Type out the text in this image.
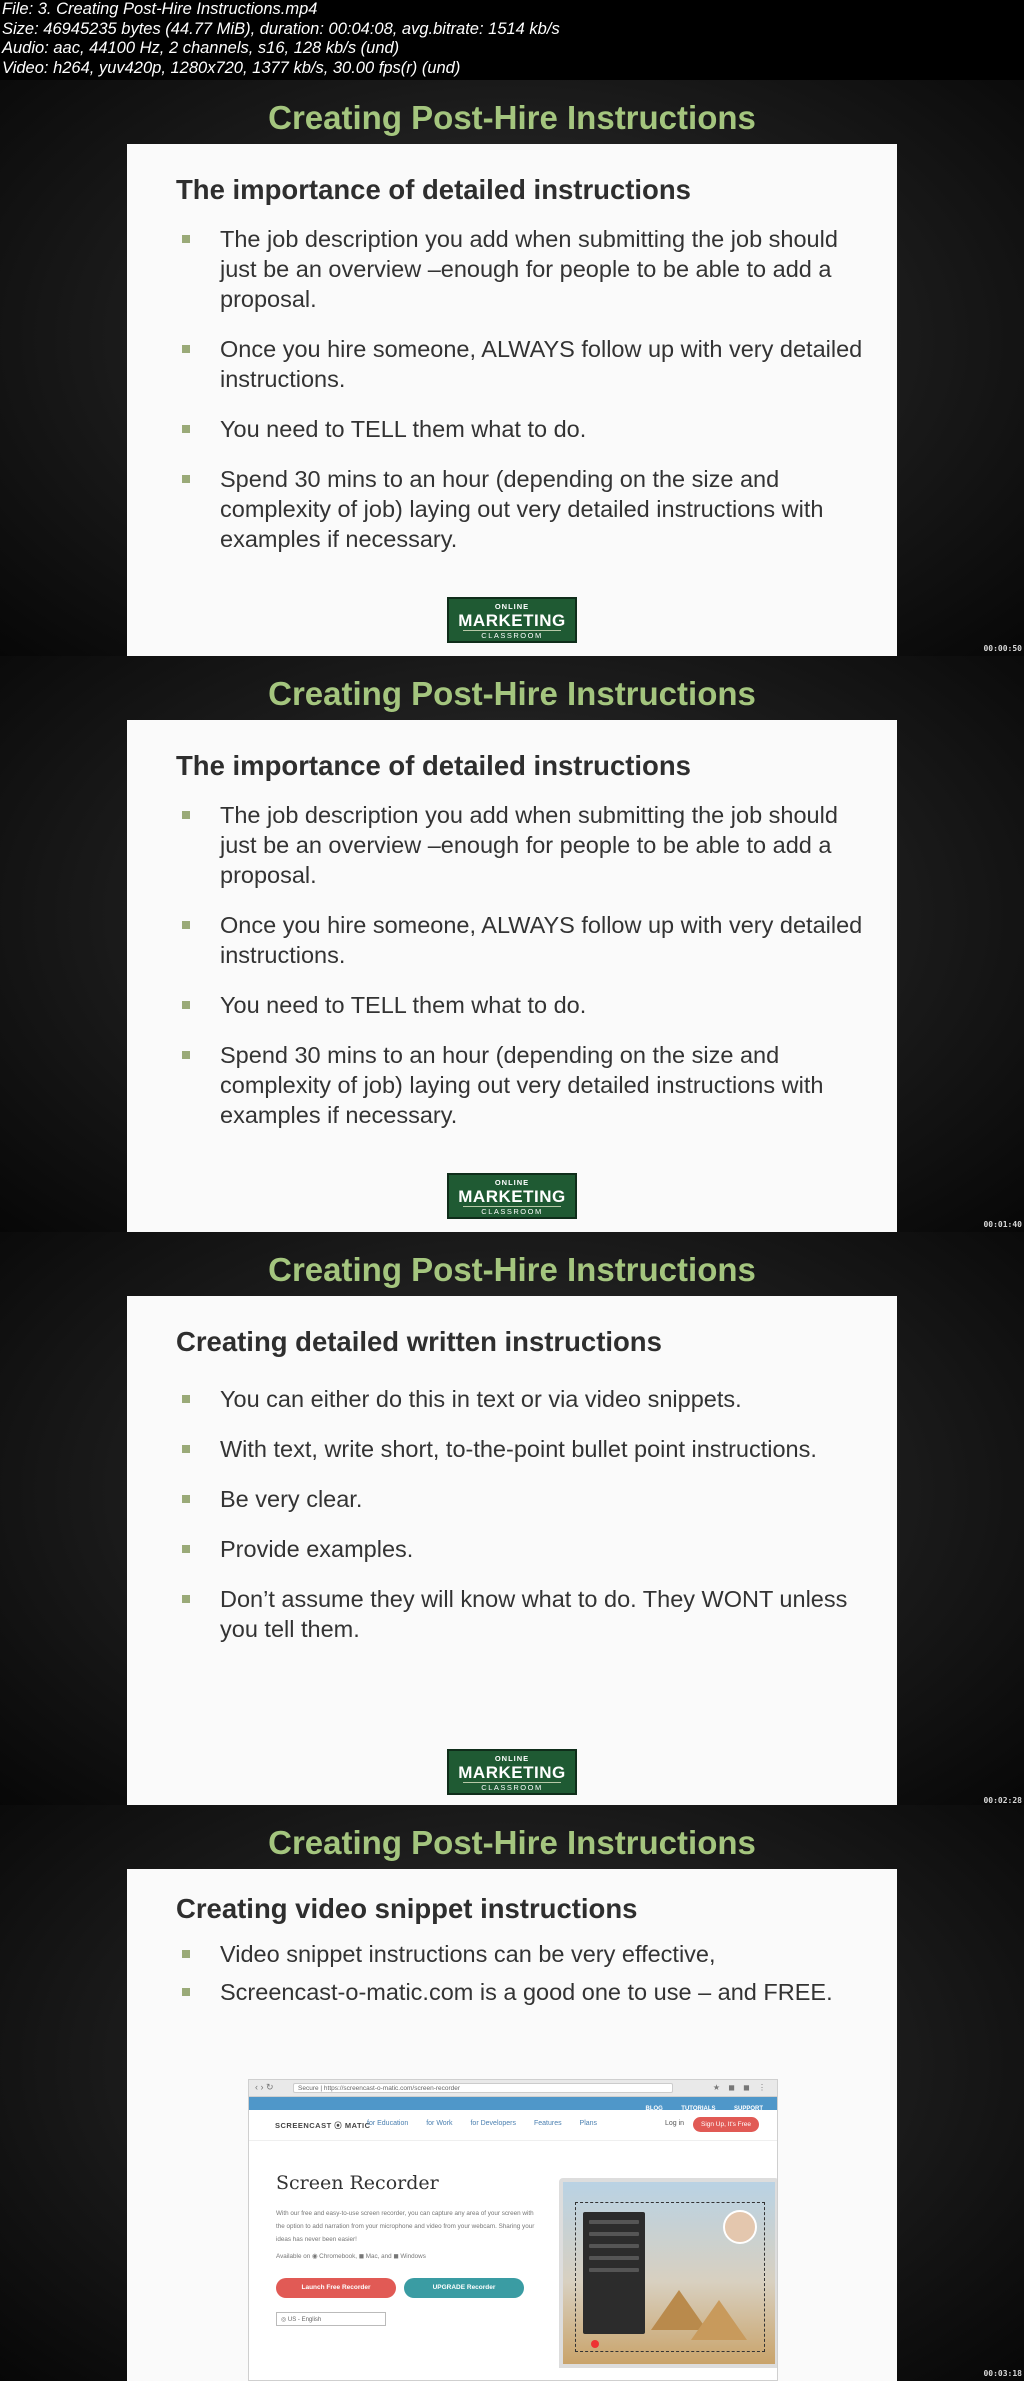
File: 3. Creating Post-Hire Instructions.mp4
Size: 46945235 bytes (44.77 MiB), duration: 00:04:08, avg.bitrate: 1514 kb/s
Audio: aac, 44100 Hz, 2 channels, s16, 128 kb/s (und)
Video: h264, yuv420p, 1280x720, 1377 kb/s, 30.00 fps(r) (und)
Creating Post-Hire Instructions
The importance of detailed instructions
The job description you add when submitting the job should just be an overview –enough for people to be able to add a proposal.
Once you hire someone, ALWAYS follow up with very detailed instructions.
You need to TELL them what to do.
Spend 30 mins to an hour (depending on the size and complexity of job) laying out very detailed instructions with examples if necessary.
ONLINE
MARKETING
CLASSROOM
00:00:50
Creating Post-Hire Instructions
The importance of detailed instructions
The job description you add when submitting the job should just be an overview –enough for people to be able to add a proposal.
Once you hire someone, ALWAYS follow up with very detailed instructions.
You need to TELL them what to do.
Spend 30 mins to an hour (depending on the size and complexity of job) laying out very detailed instructions with examples if necessary.
ONLINE
MARKETING
CLASSROOM
00:01:40
Creating Post-Hire Instructions
Creating detailed written instructions
You can either do this in text or via video snippets.
With text, write short, to-the-point bullet point instructions.
Be very clear.
Provide examples.
Don’t assume they will know what to do. They WONT unless you tell them.
ONLINE
MARKETING
CLASSROOM
00:02:28
Creating Post-Hire Instructions
Creating video snippet instructions
Video snippet instructions can be very effective,
Screencast-o-matic.com is a good one to use – and FREE.
‹ › ↻	Secure | https://screencast-o-matic.com/screen-recorder	★ ◼ ◼ ⋮
BLOG	TUTORIALS	SUPPORT
SCREENCAST ⦿ MATIC
for Education	for Work	for Developers	Features	Plans	Log in	Sign Up, It's Free
Screen Recorder
With our free and easy-to-use screen recorder, you can capture any area of your screen with the option to add narration from your microphone and video from your webcam. Sharing your ideas has never been easier!
Available on ◉ Chromebook, ◼ Mac, and ◼ Windows
Launch Free Recorder	UPGRADE Recorder
◎ US - English
00:03:18
